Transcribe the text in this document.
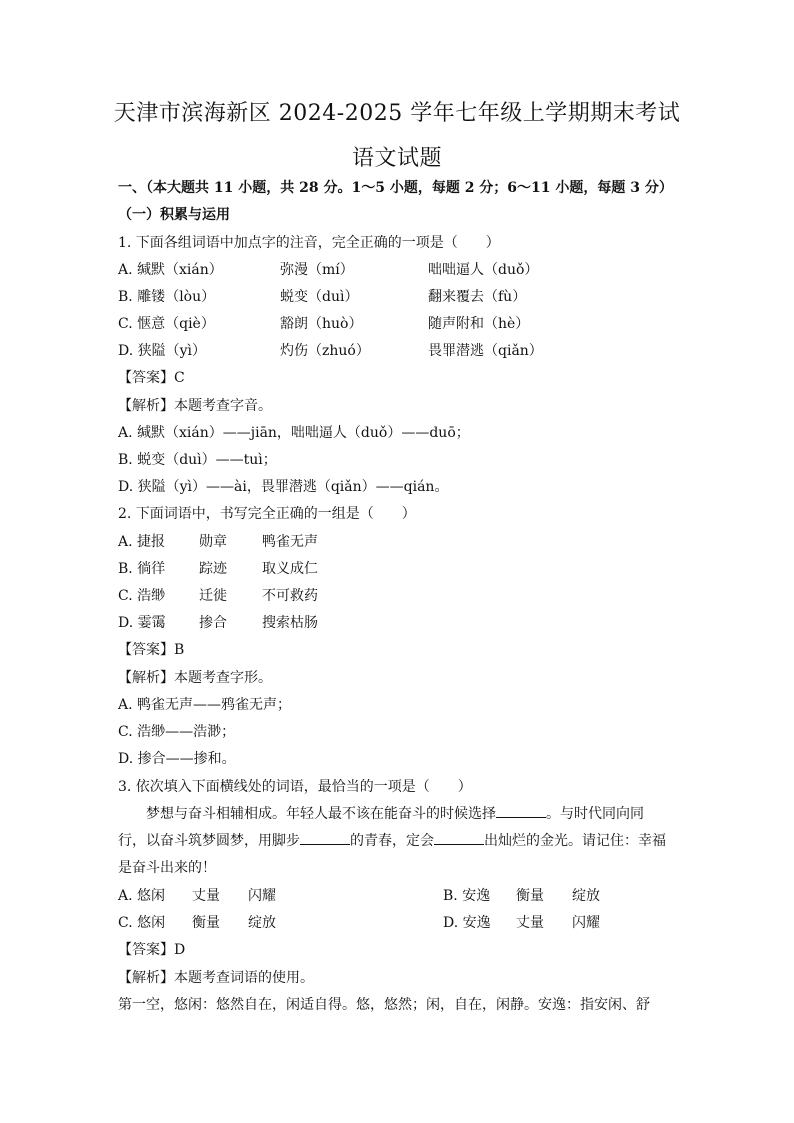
天津市滨海新区 2024-2025 学年七年级上学期期末考试
语文试题
一、（本大题共 11 小题，共 28 分。1～5 小题，每题 2 分；6～11 小题，每题 3 分）
（一）积累与运用
1. 下面各组词语中加点字的注音，完全正确的一项是（　　）
A. 缄默（xián）	弥漫（mí）	咄咄逼人（duǒ）
B. 雕镂（lòu）	蜕变（duì）	翻来覆去（fù）
C. 惬意（qiè）	豁朗（huò）	随声附和（hè）
D. 狭隘（yì）	灼伤（zhuó）	畏罪潜逃（qiǎn）
【答案】C
【解析】本题考查字音。
A. 缄默（xián）——jiān，咄咄逼人（duǒ）——duō；
B. 蜕变（duì）——tuì；
D. 狭隘（yì）——ài，畏罪潜逃（qiǎn）——qián。
2. 下面词语中，书写完全正确的一组是（　　）
A. 捷报 勋章	鸭雀无声
B. 徜徉 踪迹	取义成仁
C. 浩缈 迁徙	不可救药
D. 霎霭 掺合	搜索枯肠
【答案】B
【解析】本题考查字形。
A. 鸭雀无声——鸦雀无声；
C. 浩缈——浩渺；
D. 掺合——掺和。
3. 依次填入下面横线处的词语，最恰当的一项是（　　）
梦想与奋斗相辅相成。年轻人最不该在能奋斗的时候选择	。与时代同向同行，以奋斗筑梦圆梦，用脚步	的青春，定会	出灿烂的金光。请记住：幸福是奋斗出来的！
A. 悠闲 丈量 闪耀	B. 安逸 衡量 绽放
C. 悠闲 衡量 绽放	D. 安逸 丈量 闪耀
【答案】D
【解析】本题考查词语的使用。
第一空，悠闲：悠然自在，闲适自得。悠，悠然；闲，自在，闲静。安逸：指安闲、舒
